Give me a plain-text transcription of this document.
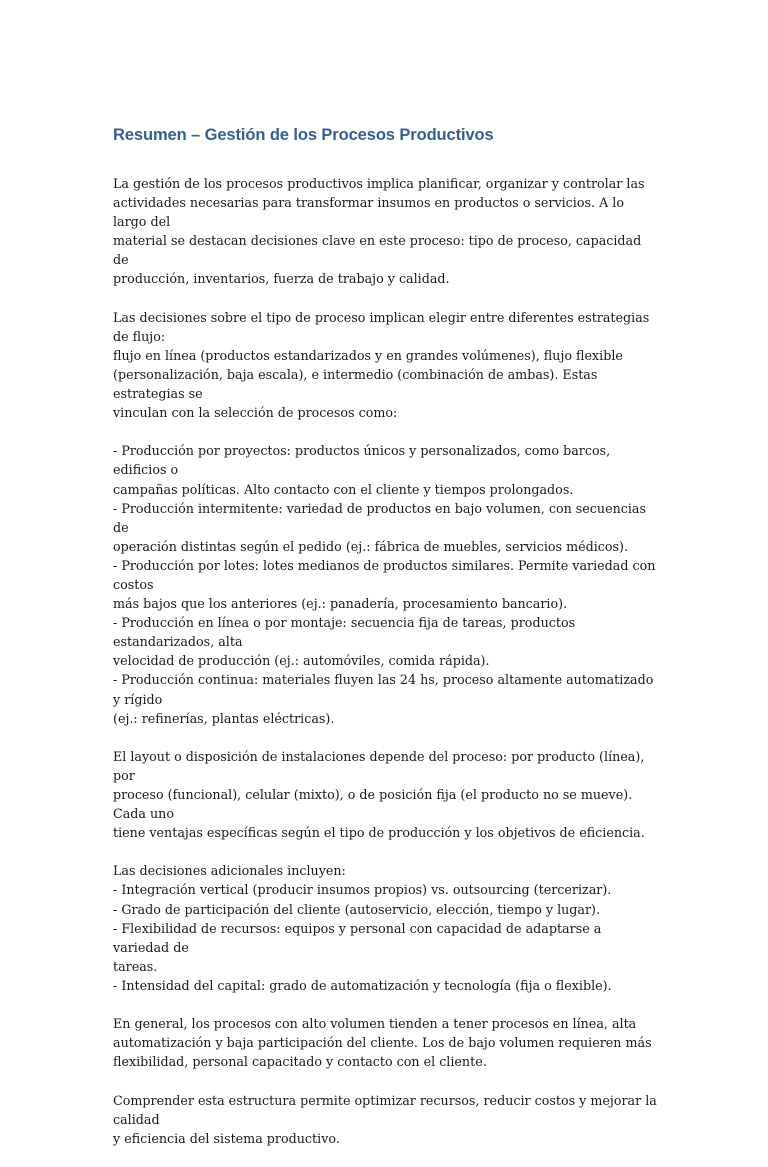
Resumen – Gestión de los Procesos Productivos

La gestión de los procesos productivos implica planificar, organizar y controlar las
actividades necesarias para transformar insumos en productos o servicios. A lo largo del
material se destacan decisiones clave en este proceso: tipo de proceso, capacidad de
producción, inventarios, fuerza de trabajo y calidad.

Las decisiones sobre el tipo de proceso implican elegir entre diferentes estrategias de flujo:
flujo en línea (productos estandarizados y en grandes volúmenes), flujo flexible
(personalización, baja escala), e intermedio (combinación de ambas). Estas estrategias se
vinculan con la selección de procesos como:

- Producción por proyectos: productos únicos y personalizados, como barcos, edificios o
campañas políticas. Alto contacto con el cliente y tiempos prolongados.
- Producción intermitente: variedad de productos en bajo volumen, con secuencias de
operación distintas según el pedido (ej.: fábrica de muebles, servicios médicos).
- Producción por lotes: lotes medianos de productos similares. Permite variedad con costos
más bajos que los anteriores (ej.: panadería, procesamiento bancario).
- Producción en línea o por montaje: secuencia fija de tareas, productos estandarizados, alta
velocidad de producción (ej.: automóviles, comida rápida).
- Producción continua: materiales fluyen las 24 hs, proceso altamente automatizado y rígido
(ej.: refinerías, plantas eléctricas).

El layout o disposición de instalaciones depende del proceso: por producto (línea), por
proceso (funcional), celular (mixto), o de posición fija (el producto no se mueve). Cada uno
tiene ventajas específicas según el tipo de producción y los objetivos de eficiencia.

Las decisiones adicionales incluyen:
- Integración vertical (producir insumos propios) vs. outsourcing (tercerizar).
- Grado de participación del cliente (autoservicio, elección, tiempo y lugar).
- Flexibilidad de recursos: equipos y personal con capacidad de adaptarse a variedad de
tareas.
- Intensidad del capital: grado de automatización y tecnología (fija o flexible).

En general, los procesos con alto volumen tienden a tener procesos en línea, alta
automatización y baja participación del cliente. Los de bajo volumen requieren más
flexibilidad, personal capacitado y contacto con el cliente.

Comprender esta estructura permite optimizar recursos, reducir costos y mejorar la calidad
y eficiencia del sistema productivo.
